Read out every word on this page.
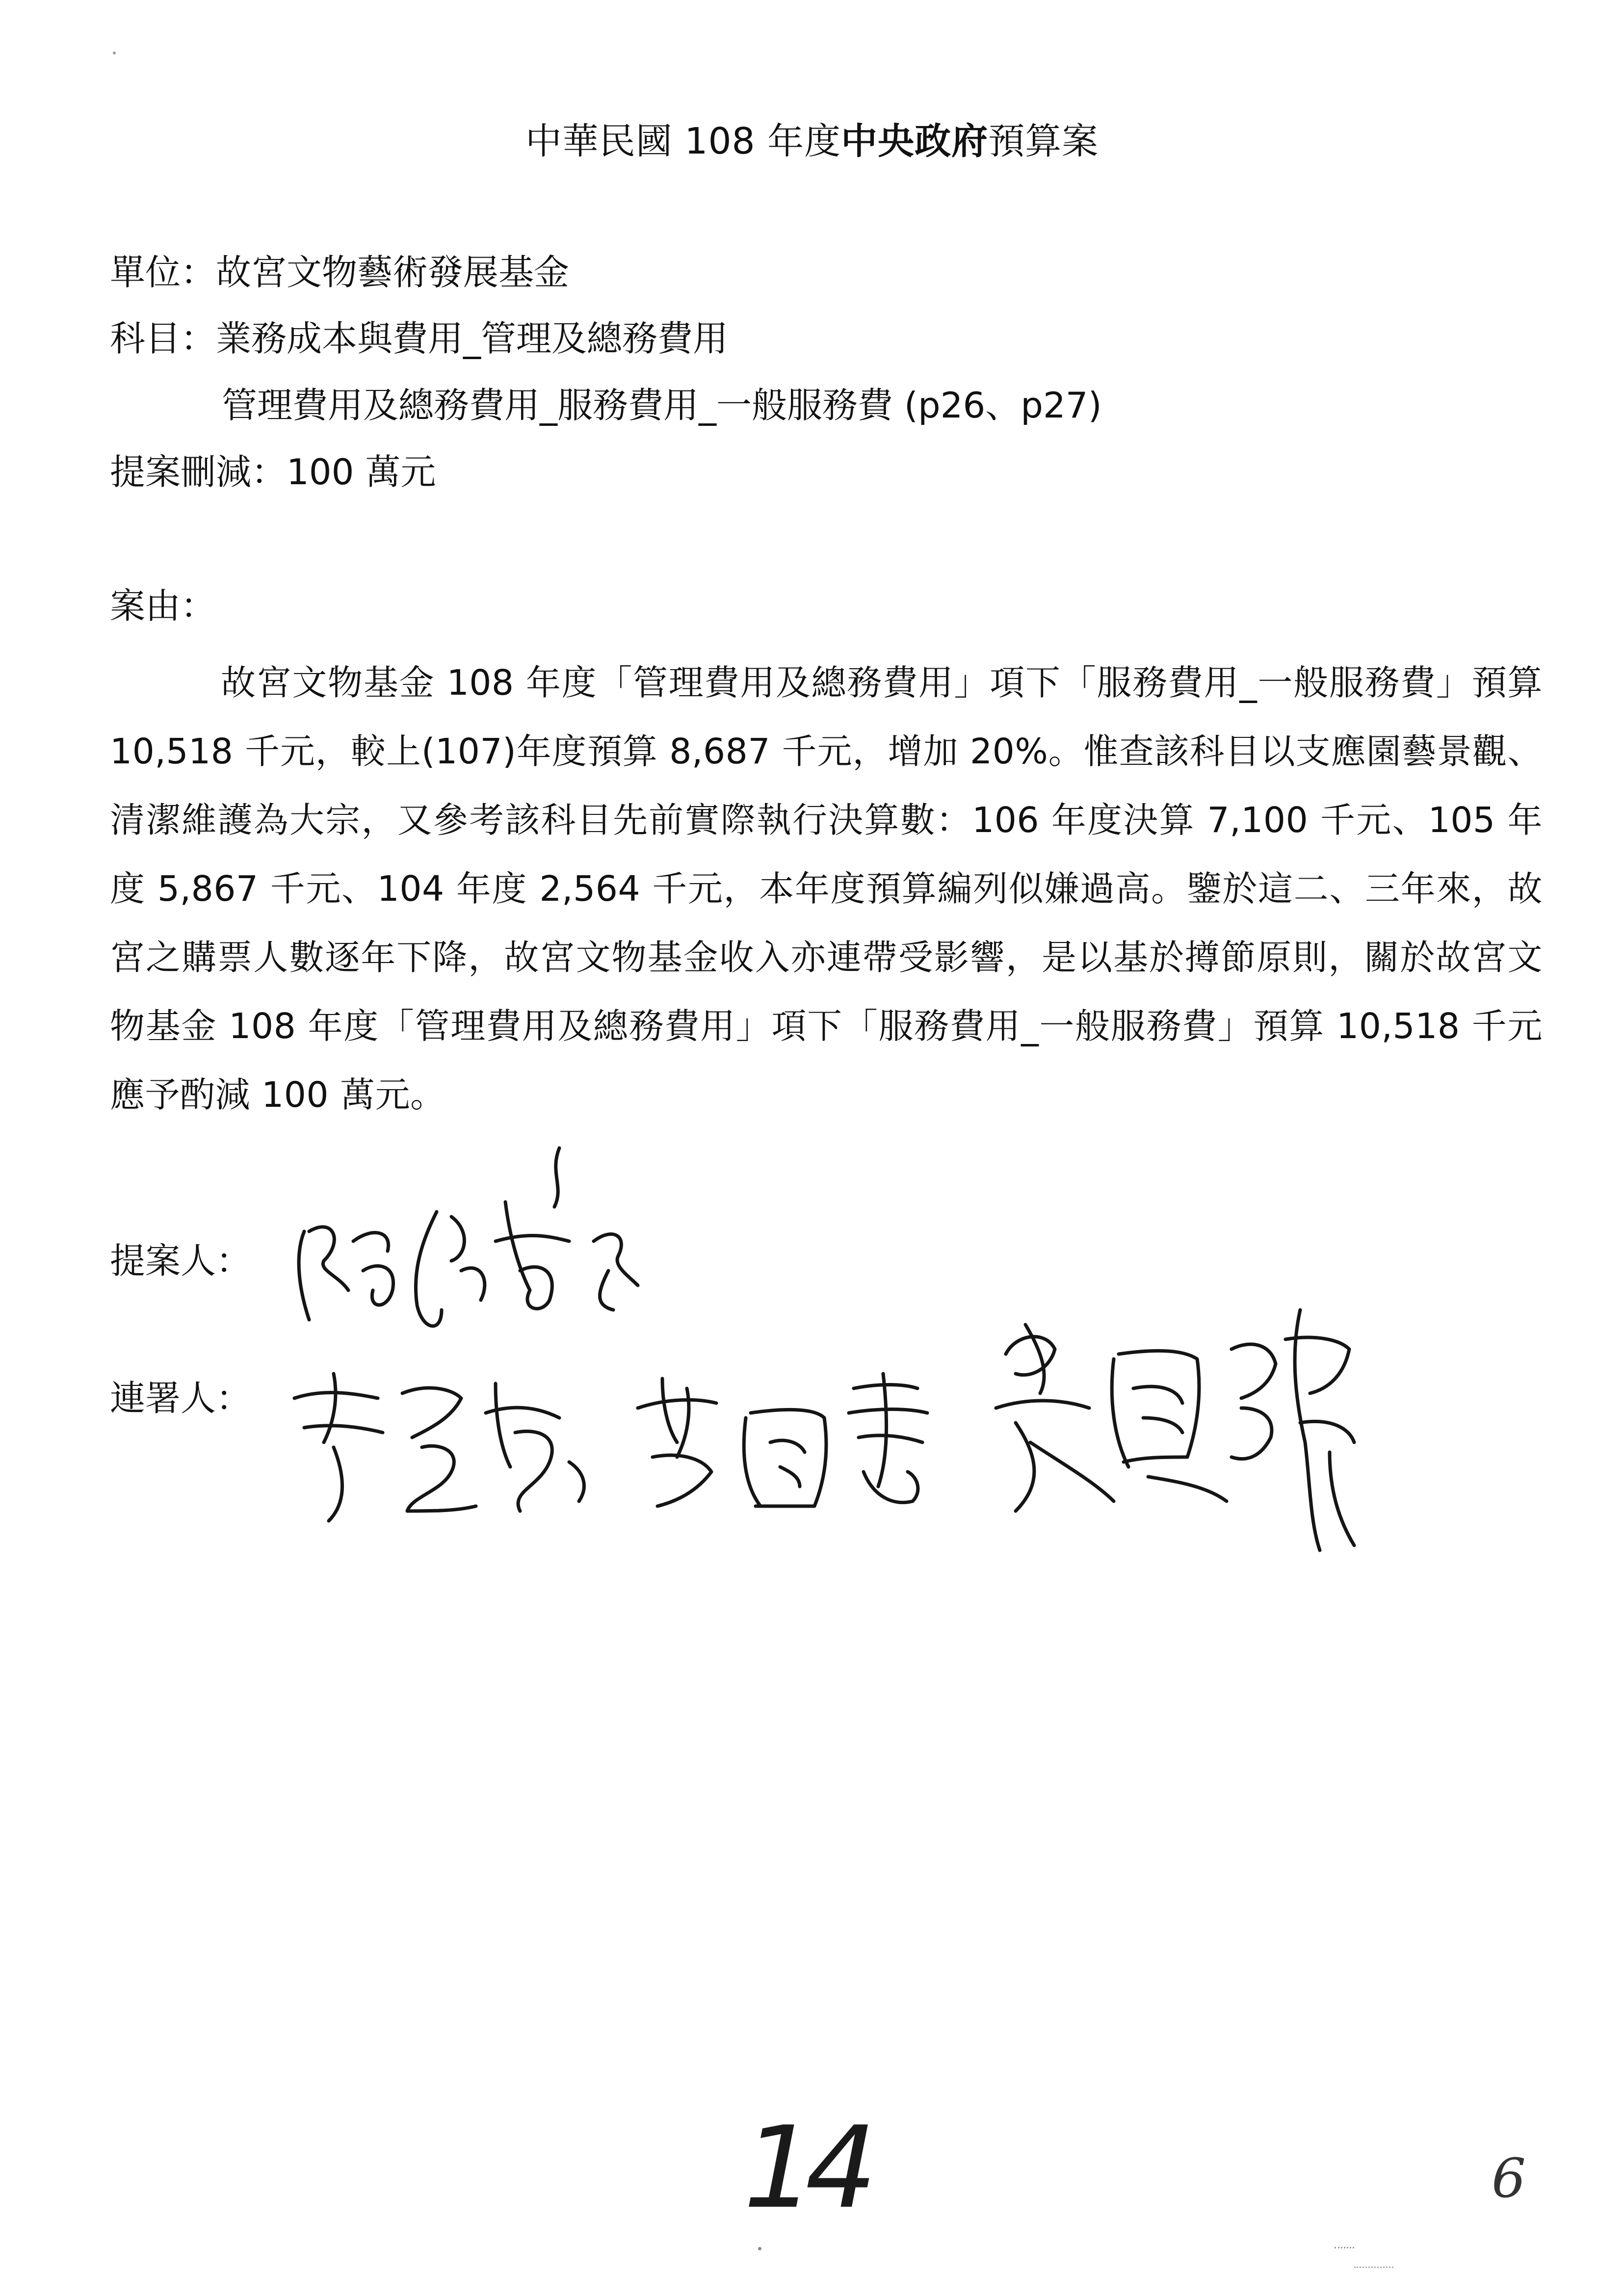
中華民國 108 年度中央政府預算案
單位：故宮文物藝術發展基金
科目：業務成本與費用_管理及總務費用
管理費用及總務費用_服務費用_一般服務費 (p26、p27)
提案刪減：100 萬元
案由：
故宮文物基金 108 年度「管理費用及總務費用」項下「服務費用_一般服務費」預算 10,518 千元，較上(107)年度預算 8,687 千元，增加 20%。惟查該科目以支應園藝景觀、清潔維護為大宗，又參考該科目先前實際執行決算數：106 年度決算 7,100 千元、105 年度 5,867 千元、104 年度 2,564 千元，本年度預算編列似嫌過高。鑒於這二、三年來，故宮之購票人數逐年下降，故宮文物基金收入亦連帶受影響，是以基於撙節原則，關於故宮文物基金 108 年度「管理費用及總務費用」項下「服務費用_一般服務費」預算 10,518 千元應予酌減 100 萬元。
提案人：
連署人：
14	6
